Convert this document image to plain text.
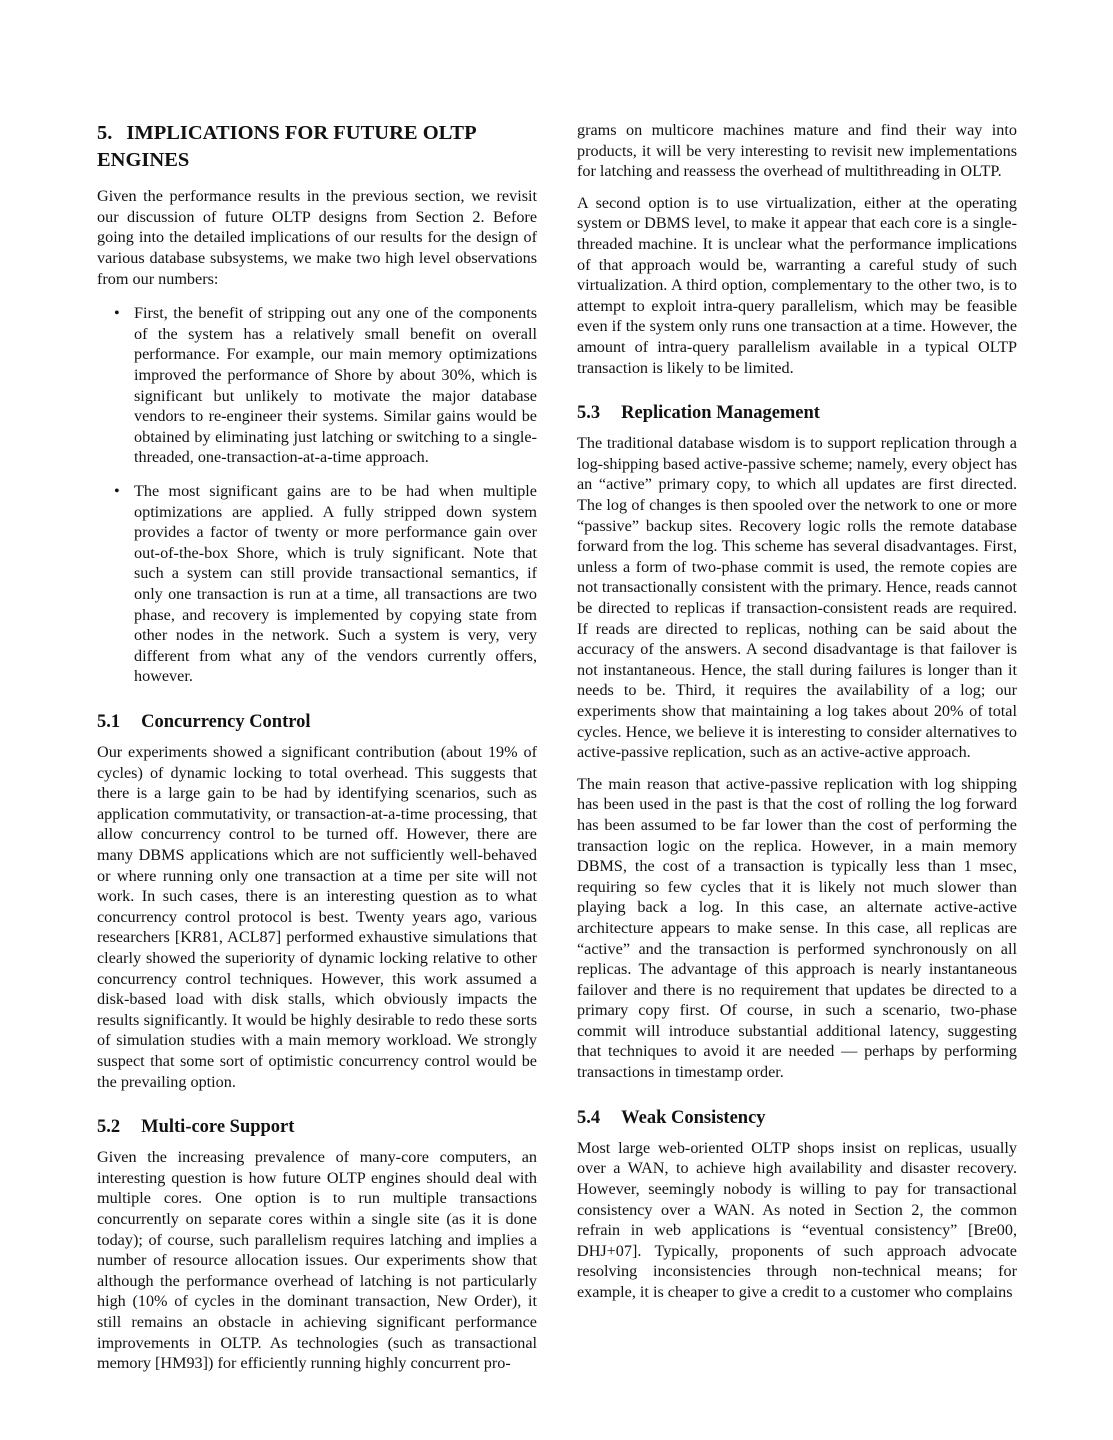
5. IMPLICATIONS FOR FUTURE OLTP ENGINES

Given the performance results in the previous section, we revisit our discussion of future OLTP designs from Section 2. Before going into the detailed implications of our results for the design of various database subsystems, we make two high level observations from our numbers:

• First, the benefit of stripping out any one of the components of the system has a relatively small benefit on overall performance. For example, our main memory optimizations improved the performance of Shore by about 30%, which is significant but unlikely to motivate the major database vendors to re-engineer their systems. Similar gains would be obtained by eliminating just latching or switching to a single-threaded, one-transaction-at-a-time approach.
• The most significant gains are to be had when multiple optimizations are applied. A fully stripped down system provides a factor of twenty or more performance gain over out-of-the-box Shore, which is truly significant. Note that such a system can still provide transactional semantics, if only one transaction is run at a time, all transactions are two phase, and recovery is implemented by copying state from other nodes in the network. Such a system is very, very different from what any of the vendors currently offers, however.
5.1 Concurrency Control

Our experiments showed a significant contribution (about 19% of cycles) of dynamic locking to total overhead. This suggests that there is a large gain to be had by identifying scenarios, such as application commutativity, or transaction-at-a-time processing, that allow concurrency control to be turned off. However, there are many DBMS applications which are not sufficiently well-behaved or where running only one transaction at a time per site will not work. In such cases, there is an interesting question as to what concurrency control protocol is best. Twenty years ago, various researchers [KR81, ACL87] performed exhaustive simulations that clearly showed the superiority of dynamic locking relative to other concurrency control techniques. However, this work assumed a disk-based load with disk stalls, which obviously impacts the results significantly. It would be highly desirable to redo these sorts of simulation studies with a main memory workload. We strongly suspect that some sort of optimistic concurrency control would be the prevailing option.

5.2 Multi-core Support

Given the increasing prevalence of many-core computers, an interesting question is how future OLTP engines should deal with multiple cores. One option is to run multiple transactions concurrently on separate cores within a single site (as it is done today); of course, such parallelism requires latching and implies a number of resource allocation issues. Our experiments show that although the performance overhead of latching is not particularly high (10% of cycles in the dominant transaction, New Order), it still remains an obstacle in achieving significant performance improvements in OLTP. As technologies (such as transactional memory [HM93]) for efficiently running highly concurrent pro-

grams on multicore machines mature and find their way into products, it will be very interesting to revisit new implementations for latching and reassess the overhead of multithreading in OLTP.

A second option is to use virtualization, either at the operating system or DBMS level, to make it appear that each core is a single-threaded machine. It is unclear what the performance implications of that approach would be, warranting a careful study of such virtualization. A third option, complementary to the other two, is to attempt to exploit intra-query parallelism, which may be feasible even if the system only runs one transaction at a time. However, the amount of intra-query parallelism available in a typical OLTP transaction is likely to be limited.

5.3 Replication Management

The traditional database wisdom is to support replication through a log-shipping based active-passive scheme; namely, every object has an “active” primary copy, to which all updates are first directed. The log of changes is then spooled over the network to one or more “passive” backup sites. Recovery logic rolls the remote database forward from the log. This scheme has several disadvantages. First, unless a form of two-phase commit is used, the remote copies are not transactionally consistent with the primary. Hence, reads cannot be directed to replicas if transaction-consistent reads are required. If reads are directed to replicas, nothing can be said about the accuracy of the answers. A second disadvantage is that failover is not instantaneous. Hence, the stall during failures is longer than it needs to be. Third, it requires the availability of a log; our experiments show that maintaining a log takes about 20% of total cycles. Hence, we believe it is interesting to consider alternatives to active-passive replication, such as an active-active approach.

The main reason that active-passive replication with log shipping has been used in the past is that the cost of rolling the log forward has been assumed to be far lower than the cost of performing the transaction logic on the replica. However, in a main memory DBMS, the cost of a transaction is typically less than 1 msec, requiring so few cycles that it is likely not much slower than playing back a log. In this case, an alternate active-active architecture appears to make sense. In this case, all replicas are “active” and the transaction is performed synchronously on all replicas. The advantage of this approach is nearly instantaneous failover and there is no requirement that updates be directed to a primary copy first. Of course, in such a scenario, two-phase commit will introduce substantial additional latency, suggesting that techniques to avoid it are needed — perhaps by performing transactions in timestamp order.

5.4 Weak Consistency

Most large web-oriented OLTP shops insist on replicas, usually over a WAN, to achieve high availability and disaster recovery. However, seemingly nobody is willing to pay for transactional consistency over a WAN. As noted in Section 2, the common refrain in web applications is “eventual consistency” [Bre00, DHJ+07]. Typically, proponents of such approach advocate resolving inconsistencies through non-technical means; for example, it is cheaper to give a credit to a customer who complains
